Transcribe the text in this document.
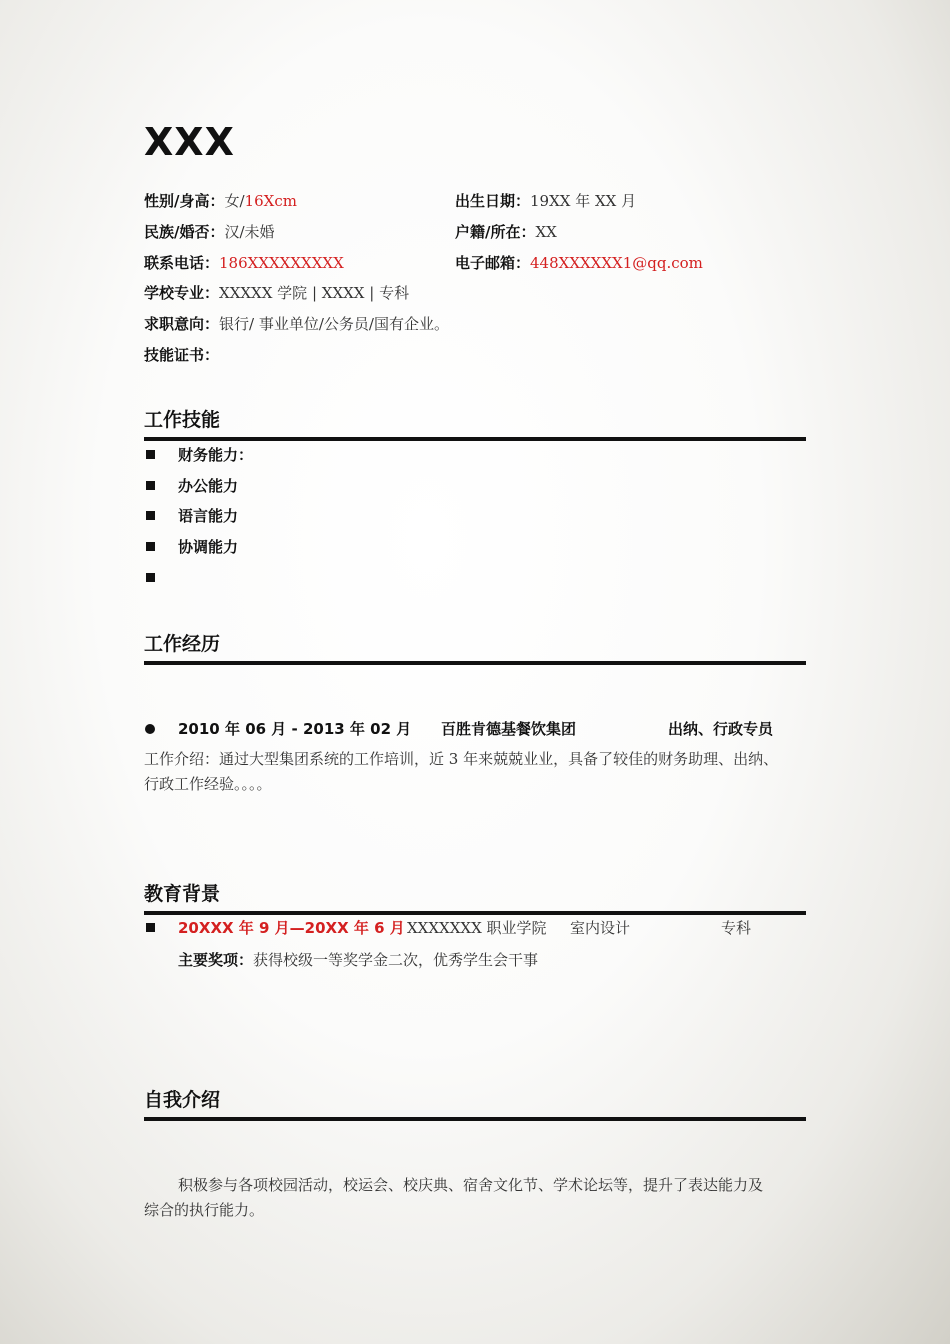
XXX
性别/身高：女/16Xcm	出生日期：19XX 年 XX 月
民族/婚否：汉/未婚	户籍/所在：XX
联系电话：186XXXXXXXXX	电子邮箱：448XXXXXX1@qq.com
学校专业：XXXXX 学院 | XXXX | 专科
求职意向：银行/ 事业单位/公务员/国有企业。
技能证书：
工作技能
财务能力：
办公能力
语言能力
协调能力
工作经历
2010 年 06 月 - 2013 年 02 月 百胜肯德基餐饮集团	出纳、行政专员
工作介绍：通过大型集团系统的工作培训，近 3 年来兢兢业业，具备了较佳的财务助理、出纳、
行政工作经验。。。。
教育背景
20XXX 年 9 月—20XX 年 6 月 XXXXXXX 职业学院 室内设计	专科
主要奖项：获得校级一等奖学金二次，优秀学生会干事
自我介绍
积极参与各项校园活动，校运会、校庆典、宿舍文化节、学术论坛等，提升了表达能力及
综合的执行能力。
